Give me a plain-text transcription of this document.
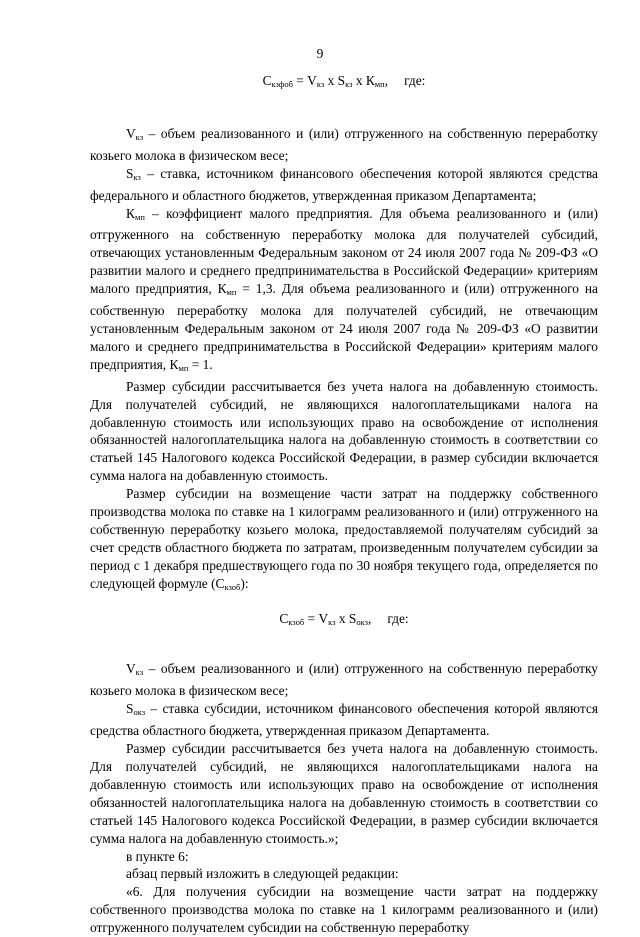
9

$С_{кзфоб} = V_{кз}$ х $S_{кз}$ х $К_{мп}$, где:

$V_{кз}$ – объем реализованного и (или) отгруженного на собственную переработку козьего молока в физическом весе;

$S_{кз}$ – ставка, источником финансового обеспечения которой являются средства федерального и областного бюджетов, утвержденная приказом Департамента;

$К_{мп}$ – коэффициент малого предприятия. Для объема реализованного и (или) отгруженного на собственную переработку молока для получателей субсидий, отвечающих установленным Федеральным законом от 24 июля 2007 года № 209-ФЗ «О развитии малого и среднего предпринимательства в Российской Федерации» критериям малого предприятия, $К_{мп} = 1,3$. Для объема реализованного и (или) отгруженного на собственную переработку молока для получателей субсидий, не отвечающим установленным Федеральным законом от 24 июля 2007 года № 209-ФЗ «О развитии малого и среднего предпринимательства в Российской Федерации» критериям малого предприятия, $К_{мп} = 1$.

Размер субсидии рассчитывается без учета налога на добавленную стоимость. Для получателей субсидий, не являющихся налогоплательщиками налога на добавленную стоимость или использующих право на освобождение от исполнения обязанностей налогоплательщика налога на добавленную стоимость в соответствии со статьей 145 Налогового кодекса Российской Федерации, в размер субсидии включается сумма налога на добавленную стоимость.

Размер субсидии на возмещение части затрат на поддержку собственного производства молока по ставке на 1 килограмм реализованного и (или) отгруженного на собственную переработку козьего молока, предоставляемой получателям субсидий за счет средств областного бюджета по затратам, произведенным получателем субсидии за период с 1 декабря предшествующего года по 30 ноября текущего года, определяется по следующей формуле $(С_{кзоб})$:

$С_{кзоб} = V_{кз}$ х $S_{окз}$, где:

$V_{кз}$ – объем реализованного и (или) отгруженного на собственную переработку козьего молока в физическом весе;

$S_{окз}$ – ставка субсидии, источником финансового обеспечения которой являются средства областного бюджета, утвержденная приказом Департамента.

Размер субсидии рассчитывается без учета налога на добавленную стоимость. Для получателей субсидий, не являющихся налогоплательщиками налога на добавленную стоимость или использующих право на освобождение от исполнения обязанностей налогоплательщика налога на добавленную стоимость в соответствии со статьей 145 Налогового кодекса Российской Федерации, в размер субсидии включается сумма налога на добавленную стоимость.»;

в пункте 6:

абзац первый изложить в следующей редакции:

«6. Для получения субсидии на возмещение части затрат на поддержку собственного производства молока по ставке на 1 килограмм реализованного и (или) отгруженного получателем субсидии на собственную переработку
